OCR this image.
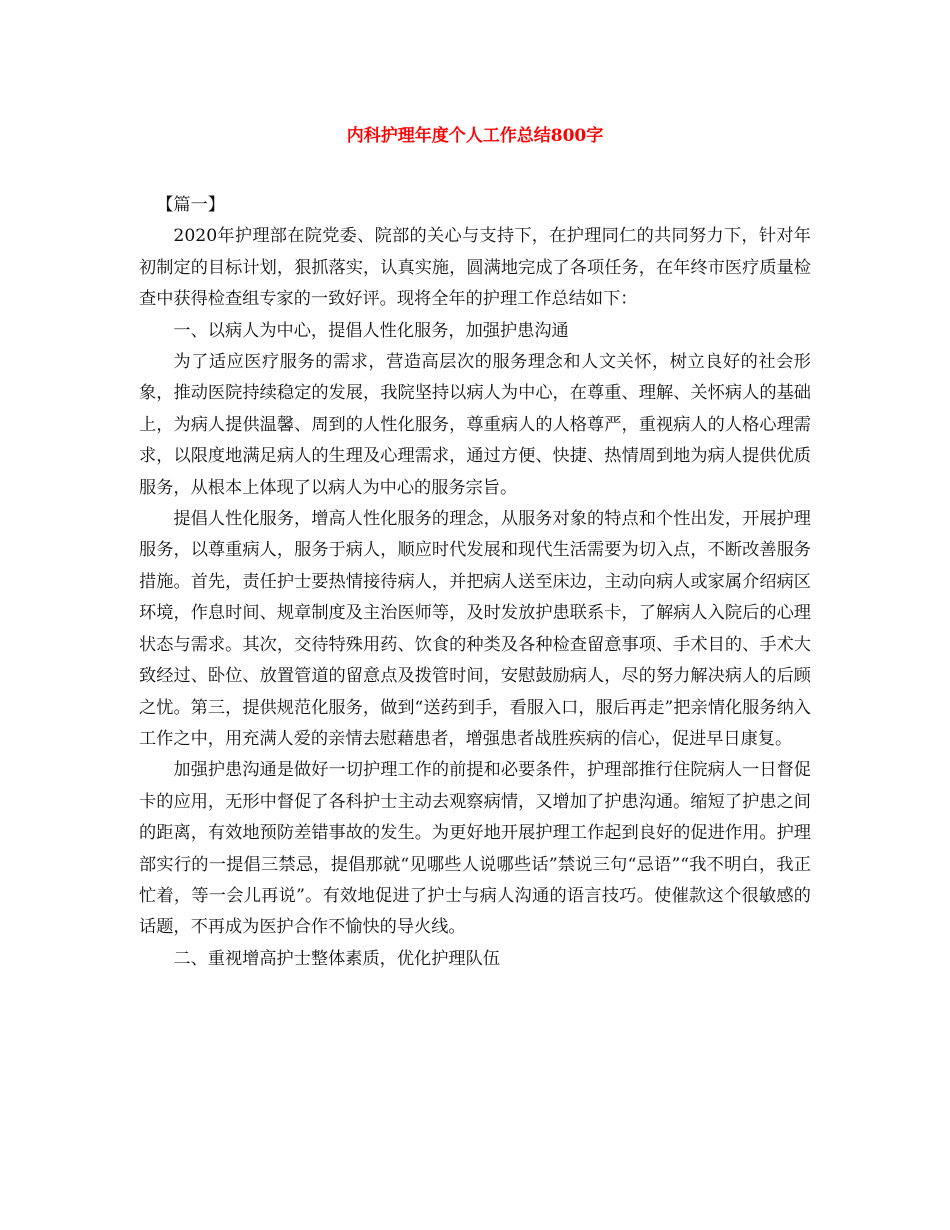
内科护理年度个人工作总结800字

【篇一】

2020年护理部在院党委、院部的关心与支持下，在护理同仁的共同努力下，针对年初制定的目标计划，狠抓落实，认真实施，圆满地完成了各项任务，在年终市医疗质量检查中获得检查组专家的一致好评。现将全年的护理工作总结如下：

一、以病人为中心，提倡人性化服务，加强护患沟通

为了适应医疗服务的需求，营造高层次的服务理念和人文关怀，树立良好的社会形象，推动医院持续稳定的发展，我院坚持以病人为中心，在尊重、理解、关怀病人的基础上，为病人提供温馨、周到的人性化服务，尊重病人的人格尊严，重视病人的人格心理需求，以限度地满足病人的生理及心理需求，通过方便、快捷、热情周到地为病人提供优质服务，从根本上体现了以病人为中心的服务宗旨。

提倡人性化服务，增高人性化服务的理念，从服务对象的特点和个性出发，开展护理服务，以尊重病人，服务于病人，顺应时代发展和现代生活需要为切入点，不断改善服务措施。首先，责任护士要热情接待病人，并把病人送至床边，主动向病人或家属介绍病区环境，作息时间、规章制度及主治医师等，及时发放护患联系卡，了解病人入院后的心理状态与需求。其次，交待特殊用药、饮食的种类及各种检查留意事项、手术目的、手术大致经过、卧位、放置管道的留意点及拨管时间，安慰鼓励病人，尽的努力解决病人的后顾之忧。第三，提供规范化服务，做到“送药到手，看服入口，服后再走”把亲情化服务纳入工作之中，用充满人爱的亲情去慰藉患者，增强患者战胜疾病的信心，促进早日康复。

加强护患沟通是做好一切护理工作的前提和必要条件，护理部推行住院病人一日督促卡的应用，无形中督促了各科护士主动去观察病情，又增加了护患沟通。缩短了护患之间的距离，有效地预防差错事故的发生。为更好地开展护理工作起到良好的促进作用。护理部实行的一提倡三禁忌，提倡那就“见哪些人说哪些话”禁说三句“忌语”“我不明白，我正忙着，等一会儿再说”。有效地促进了护士与病人沟通的语言技巧。使催款这个很敏感的话题，不再成为医护合作不愉快的导火线。

二、重视增高护士整体素质，优化护理队伍
